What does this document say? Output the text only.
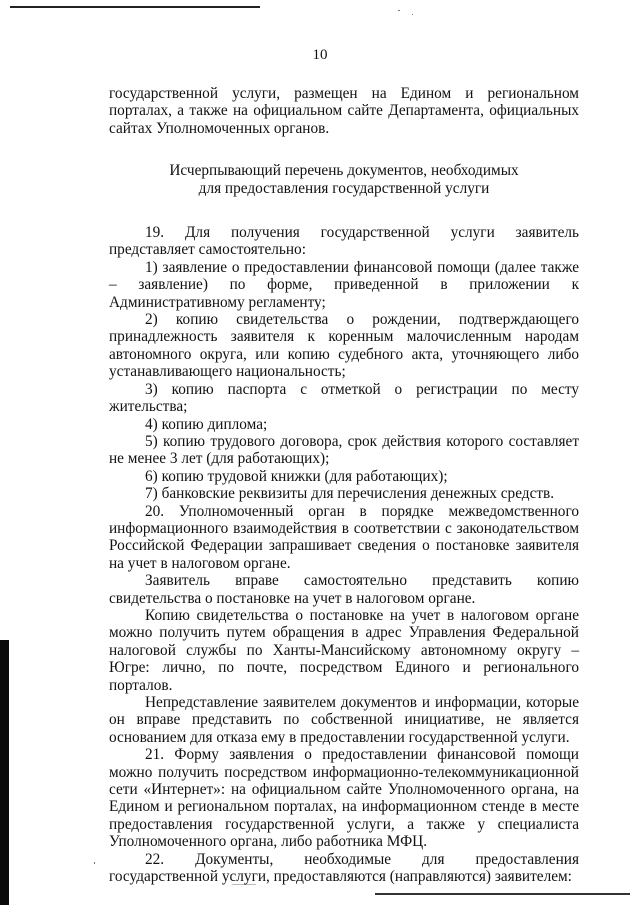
10

государственной услуги, размещен на Едином и региональном порталах, а также на официальном сайте Департамента, официальных сайтах Уполномоченных органов.

Исчерпывающий перечень документов, необходимых

для предоставления государственной услуги

19. Для получения государственной услуги заявитель представляет самостоятельно:

1) заявление о предоставлении финансовой помощи (далее также – заявление) по форме, приведенной в приложении к Административному регламенту;

2) копию свидетельства о рождении, подтверждающего принадлежность заявителя к коренным малочисленным народам автономного округа, или копию судебного акта, уточняющего либо устанавливающего национальность;

3) копию паспорта с отметкой о регистрации по месту жительства;

4) копию диплома;

5) копию трудового договора, срок действия которого составляет не менее 3 лет (для работающих);

6) копию трудовой книжки (для работающих);

7) банковские реквизиты для перечисления денежных средств.

20. Уполномоченный орган в порядке межведомственного информационного взаимодействия в соответствии с законодательством Российской Федерации запрашивает сведения о постановке заявителя на учет в налоговом органе.

Заявитель вправе самостоятельно представить копию свидетельства о постановке на учет в налоговом органе.

Копию свидетельства о постановке на учет в налоговом органе можно получить путем обращения в адрес Управления Федеральной налоговой службы по Ханты-Мансийскому автономному округу – Югре: лично, по почте, посредством Единого и регионального порталов.

Непредставление заявителем документов и информации, которые он вправе представить по собственной инициативе, не является основанием для отказа ему в предоставлении государственной услуги.

21. Форму заявления о предоставлении финансовой помощи можно получить посредством информационно-телекоммуникационной сети «Интернет»: на официальном сайте Уполномоченного органа, на Едином и региональном порталах, на информационном стенде в месте предоставления государственной услуги, а также у специалиста Уполномоченного органа, либо работника МФЦ.

22. Документы, необходимые для предоставления государственной услуги, предоставляются (направляются) заявителем:
